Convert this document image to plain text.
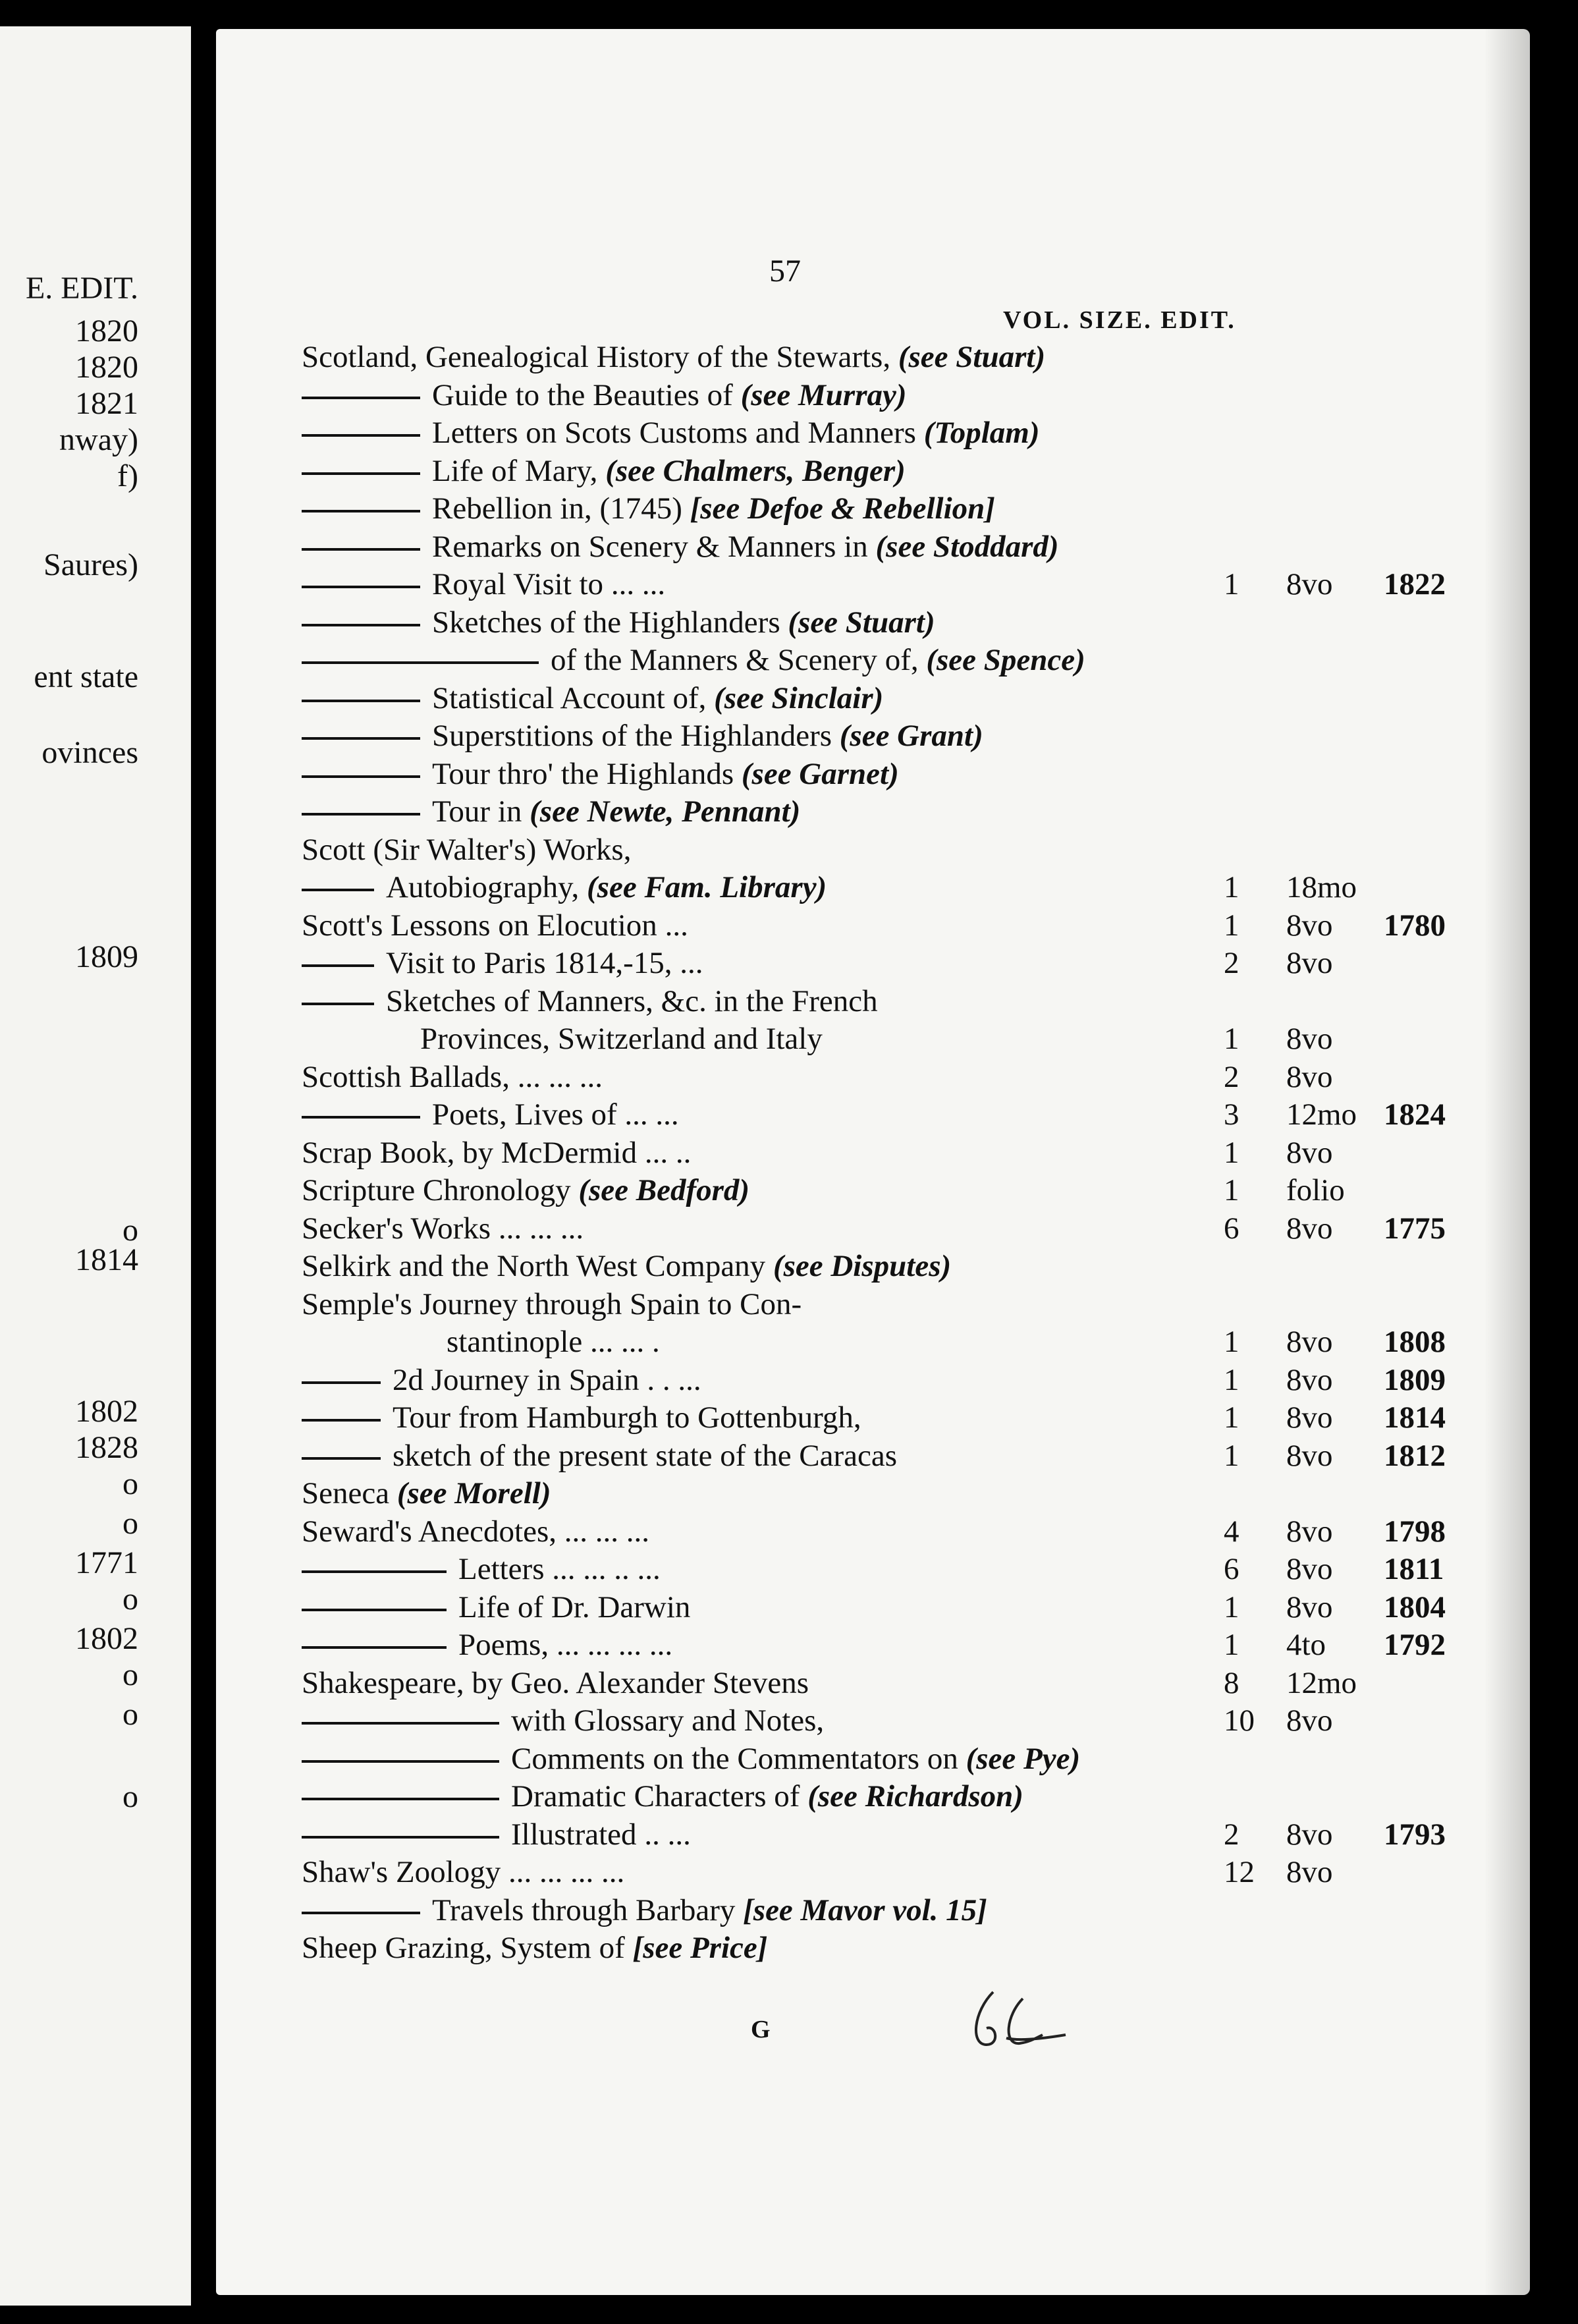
E. EDIT.
1820
1820
1821
nway)
f)
Saures)
ent state
ovinces
1809
o
1814
1802
1828
o
o
1771
o
1802
o
o
o
57
VOL. SIZE. EDIT.
Scotland, Genealogical History of the Stewarts, (see Stuart)
Guide to the Beauties of (see Murray)
Letters on Scots Customs and Manners (Toplam)
Life of Mary, (see Chalmers, Benger)
Rebellion in, (1745) [see Defoe & Rebellion]
Remarks on Scenery & Manners in (see Stoddard)
Royal Visit to ... ...	1 8vo 1822
Sketches of the Highlanders (see Stuart)
of the Manners & Scenery of, (see Spence)
Statistical Account of, (see Sinclair)
Superstitions of the Highlanders (see Grant)
Tour thro' the Highlands (see Garnet)
Tour in (see Newte, Pennant)
Scott (Sir Walter's) Works,
Autobiography, (see Fam. Library)	1 18mo
Scott's Lessons on Elocution ...	1 8vo 1780
Visit to Paris 1814,-15, ...	2 8vo
Sketches of Manners, &c. in the French
Provinces, Switzerland and Italy	1 8vo
Scottish Ballads, ... ... ...	2 8vo
Poets, Lives of ... ...	3 12mo 1824
Scrap Book, by McDermid ... ..	1 8vo
Scripture Chronology (see Bedford)	1 folio
Secker's Works ... ... ...	6 8vo 1775
Selkirk and the North West Company (see Disputes)
Semple's Journey through Spain to Con-
stantinople ... ... .	1 8vo 1808
2d Journey in Spain . . ...	1 8vo 1809
Tour from Hamburgh to Gottenburgh,	1 8vo 1814
sketch of the present state of the Caracas	1 8vo 1812
Seneca (see Morell)
Seward's Anecdotes, ... ... ...	4 8vo 1798
Letters ... ... .. ...	6 8vo 1811
Life of Dr. Darwin	1 8vo 1804
Poems, ... ... ... ...	1 4to 1792
Shakespeare, by Geo. Alexander Stevens	8 12mo
with Glossary and Notes,	10 8vo
Comments on the Commentators on (see Pye)
Dramatic Characters of (see Richardson)
Illustrated .. ...	2 8vo 1793
Shaw's Zoology ... ... ... ...	12 8vo
Travels through Barbary [see Mavor vol. 15]
Sheep Grazing, System of [see Price]
G
